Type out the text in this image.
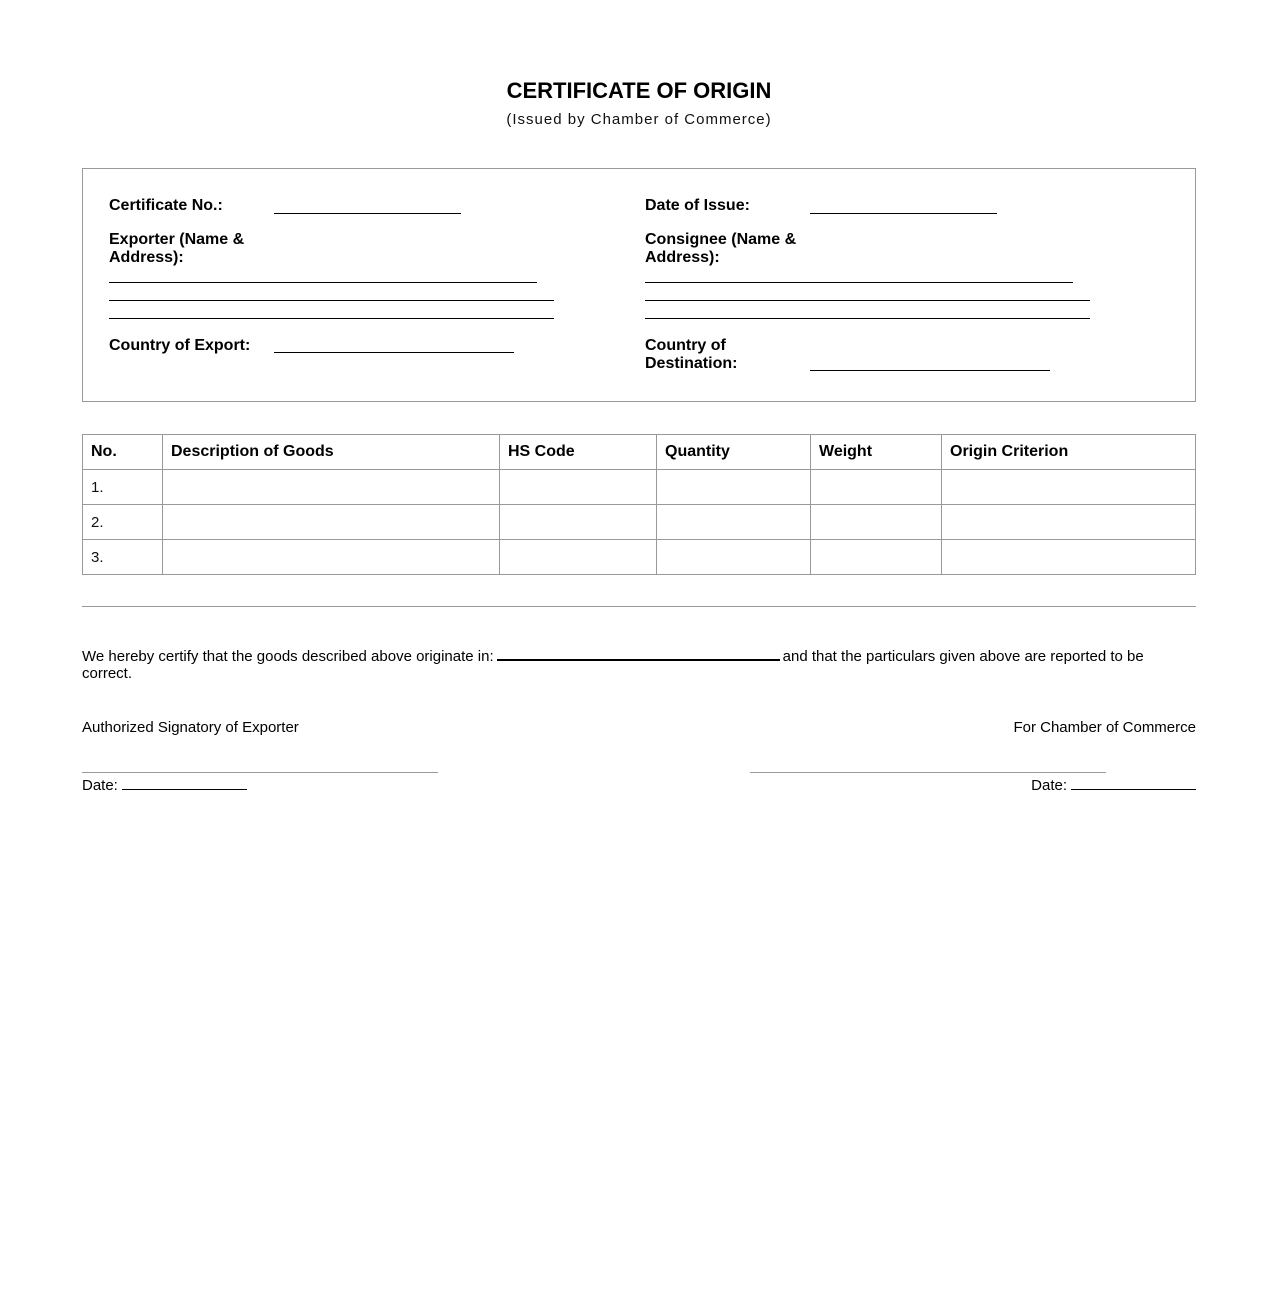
CERTIFICATE OF ORIGIN
(Issued by Chamber of Commerce)
Certificate No.:
Exporter (Name &
Address):
Country of Export:
Date of Issue:
Consignee (Name &
Address):
Country of
Destination:
No.	Description of Goods	HS Code	Quantity	Weight	Origin Criterion
1.					
2.					
3.					
We hereby certify that the goods described above originate in:	and that the particulars given above are reported to be correct.
Authorized Signatory of Exporter	For Chamber of Commerce
Date:	Date:
